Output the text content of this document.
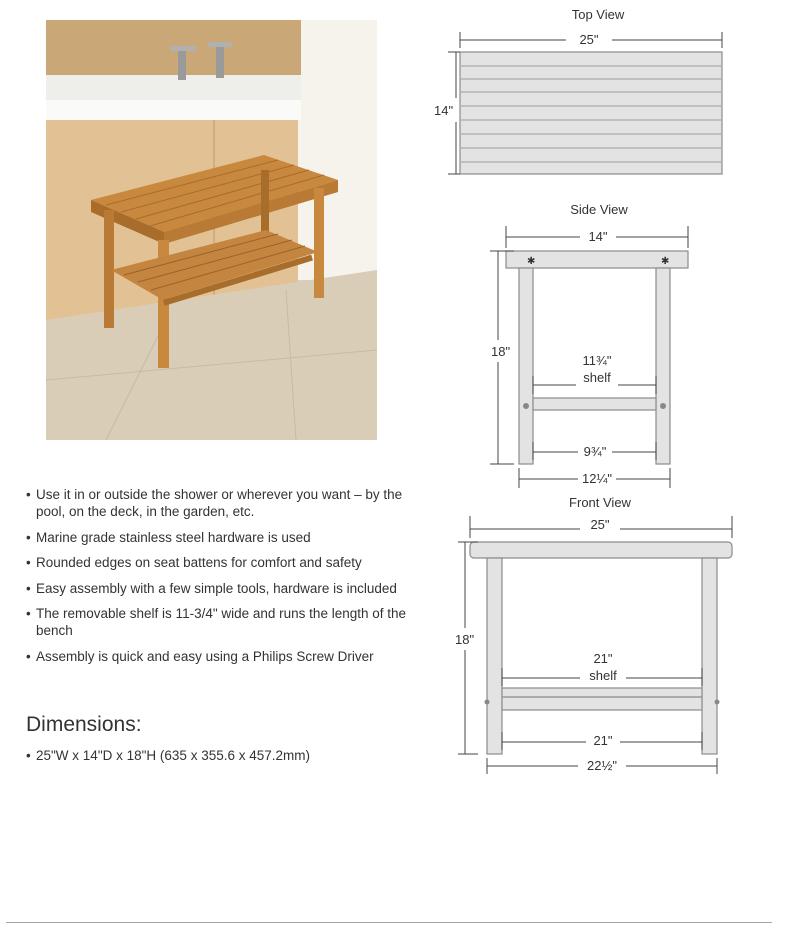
• Use it in or outside the shower or wherever you want – by the pool, on the deck, in the garden, etc.
• Marine grade stainless steel hardware is used
• Rounded edges on seat battens for comfort and safety
• Easy assembly with a few simple tools, hardware is included
• The removable shelf is 11-3/4" wide and runs the length of the bench
• Assembly is quick and easy using a Philips Screw Driver
Dimensions:
• 25"W x 14"D x 18"H (635 x 355.6 x 457.2mm)
✱	✱
Top View
25"
14"
Side View
14"
18"
11¾"
shelf
9¾"
12¼"
Front View
25"
18"
21"
shelf
21"
22½"
